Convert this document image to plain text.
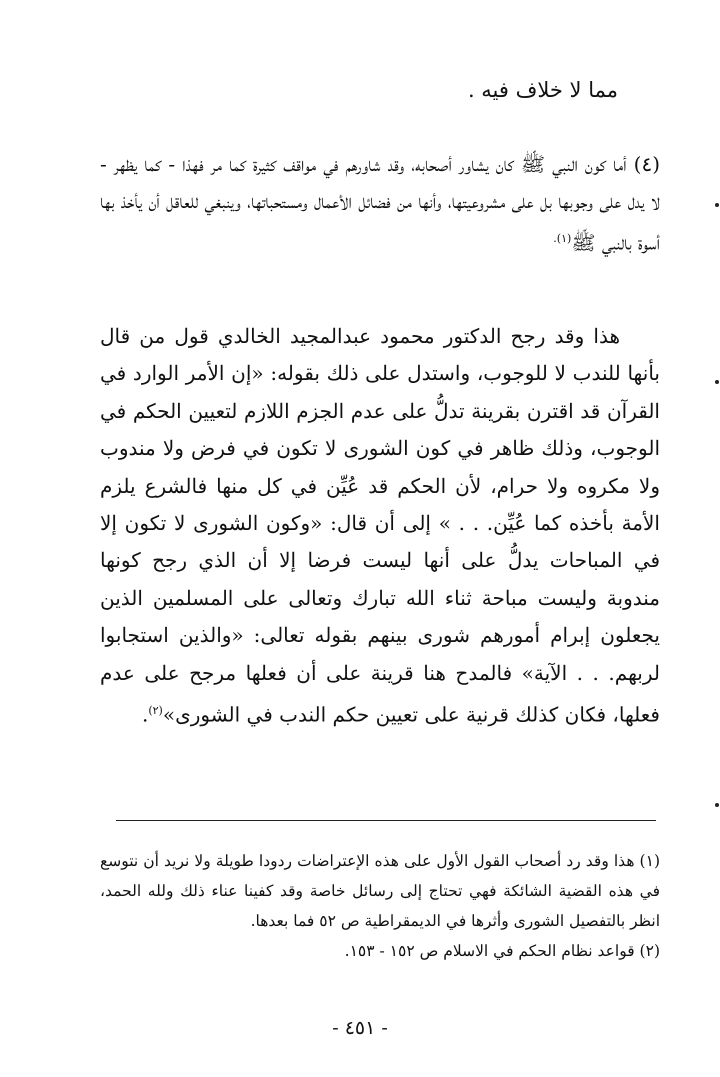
مما لا خلاف فيه .

(٤) أما كون النبي ﷺ كان يشاور أصحابه، وقد شاورهم في مواقف كثيرة كما مر فهذا - كما يظهر - لا يدل على وجوبها بل على مشروعيتها، وأنها من فضائل الأعمال ومستحباتها، وينبغي للعاقل أن يأخذ بها أسوة بالنبي ﷺ$^{(١).}$

هذا وقد رجح الدكتور محمود عبدالمجيد الخالدي قول من قال بأنها للندب لا للوجوب، واستدل على ذلك بقوله: «إن الأمر الوارد في القرآن قد اقترن بقرينة تدلُّ على عدم الجزم اللازم لتعيين الحكم في الوجوب، وذلك ظاهر في كون الشورى لا تكون في فرض ولا مندوب ولا مكروه ولا حرام، لأن الحكم قد عُيِّن في كل منها فالشرع يلزم الأمة بأخذه كما عُيِّن. . . » إلى أن قال: «وكون الشورى لا تكون إلا في المباحات يدلُّ على أنها ليست فرضا إلا أن الذي رجح كونها مندوبة وليست مباحة ثناء الله تبارك وتعالى على المسلمين الذين يجعلون إبرام أمورهم شورى بينهم بقوله تعالى: «والذين استجابوا لربهم. . . الآية» فالمدح هنا قرينة على أن فعلها مرجح على عدم فعلها، فكان كذلك قرنية على تعيين حكم الندب في الشورى»$^{(٢)}$.

(١) هذا وقد رد أصحاب القول الأول على هذه الإعتراضات ردودا طويلة ولا نريد أن نتوسع في هذه القضية الشائكة فهي تحتاج إلى رسائل خاصة وقد كفينا عناء ذلك ولله الحمد، انظر بالتفصيل الشورى وأثرها في الديمقراطية ص ٥٢ فما بعدها.

(٢) قواعد نظام الحكم في الاسلام ص ١٥٢ - ١٥٣.

- ٤٥١ -
